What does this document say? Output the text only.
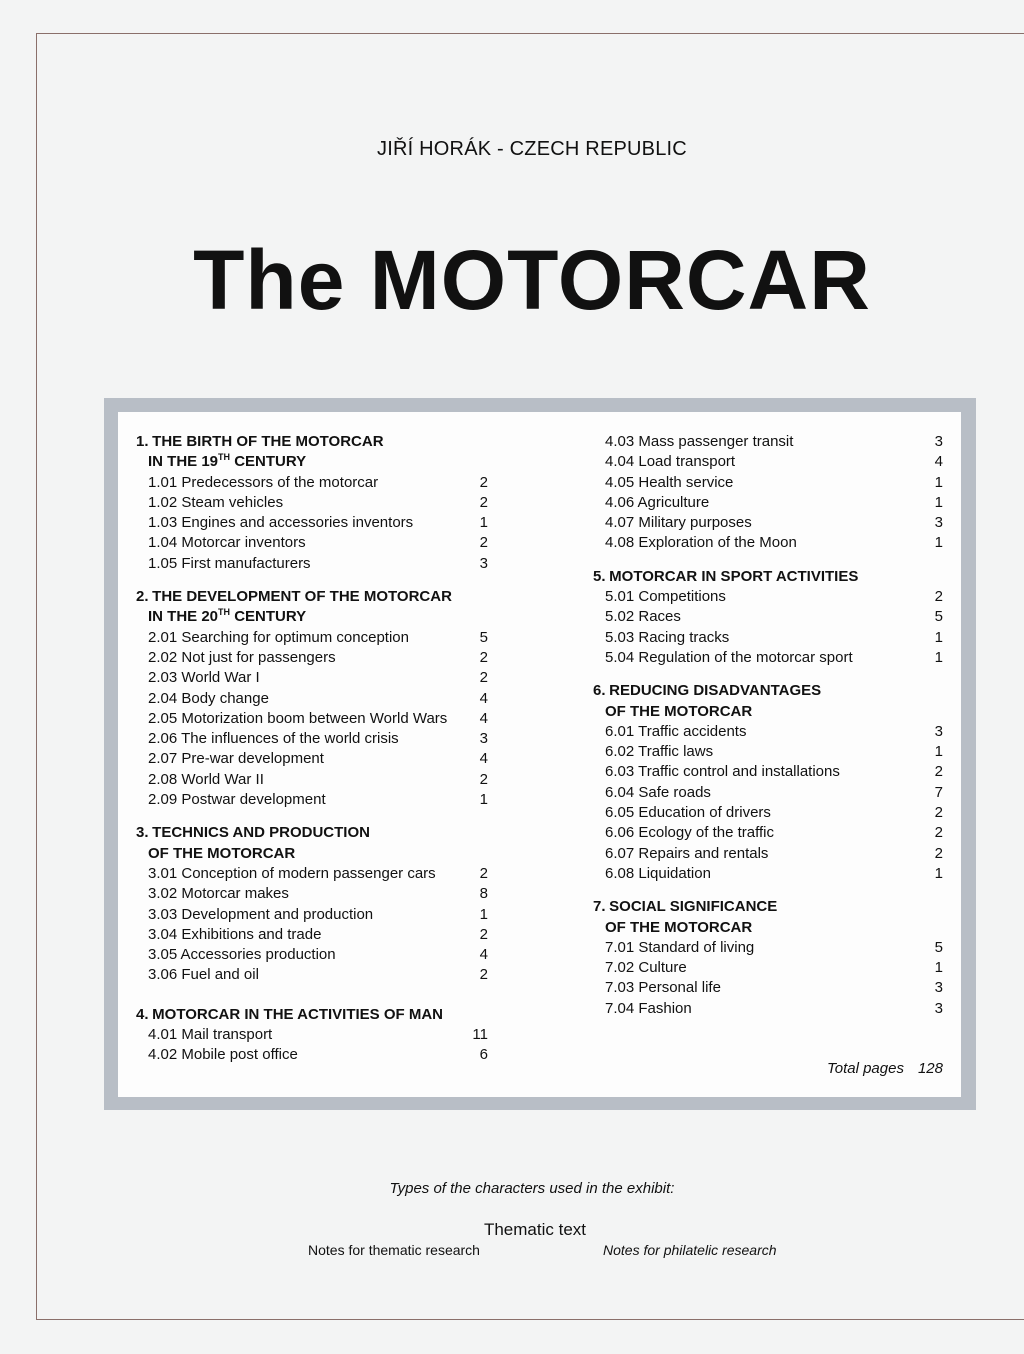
JIŘÍ HORÁK - CZECH REPUBLIC
The MOTORCAR
1. THE BIRTH OF THE MOTORCAR
IN THE 19TH CENTURY
1.01 Predecessors of the motorcar	2
1.02 Steam vehicles	2
1.03 Engines and accessories inventors	1
1.04 Motorcar inventors	2
1.05 First manufacturers	3
2. THE DEVELOPMENT OF THE MOTORCAR
IN THE 20TH CENTURY
2.01 Searching for optimum conception	5
2.02 Not just for passengers	2
2.03 World War I	2
2.04 Body change	4
2.05 Motorization boom between World Wars 4
2.06 The influences of the world crisis	3
2.07 Pre-war development	4
2.08 World War II	2
2.09 Postwar development	1
3. TECHNICS AND PRODUCTION
OF THE MOTORCAR
3.01 Conception of modern passenger cars	2
3.02 Motorcar makes	8
3.03 Development and production	1
3.04 Exhibitions and trade	2
3.05 Accessories production	4
3.06 Fuel and oil	2
4. MOTORCAR IN THE ACTIVITIES OF MAN
4.01 Mail transport	11
4.02 Mobile post office	6
4.03 Mass passenger transit	3
4.04 Load transport	4
4.05 Health service	1
4.06 Agriculture	1
4.07 Military purposes	3
4.08 Exploration of the Moon	1
5. MOTORCAR IN SPORT ACTIVITIES
5.01 Competitions	2
5.02 Races	5
5.03 Racing tracks	1
5.04 Regulation of the motorcar sport	1
6. REDUCING DISADVANTAGES
OF THE MOTORCAR
6.01 Traffic accidents	3
6.02 Traffic laws	1
6.03 Traffic control and installations	2
6.04 Safe roads	7
6.05 Education of drivers	2
6.06 Ecology of the traffic	2
6.07 Repairs and rentals	2
6.08 Liquidation	1
7. SOCIAL SIGNIFICANCE
OF THE MOTORCAR
7.01 Standard of living	5
7.02 Culture	1
7.03 Personal life	3
7.04 Fashion	3
Total pages 128
Types of the characters used in the exhibit:
Thematic text
Notes for thematic research	Notes for philatelic research
